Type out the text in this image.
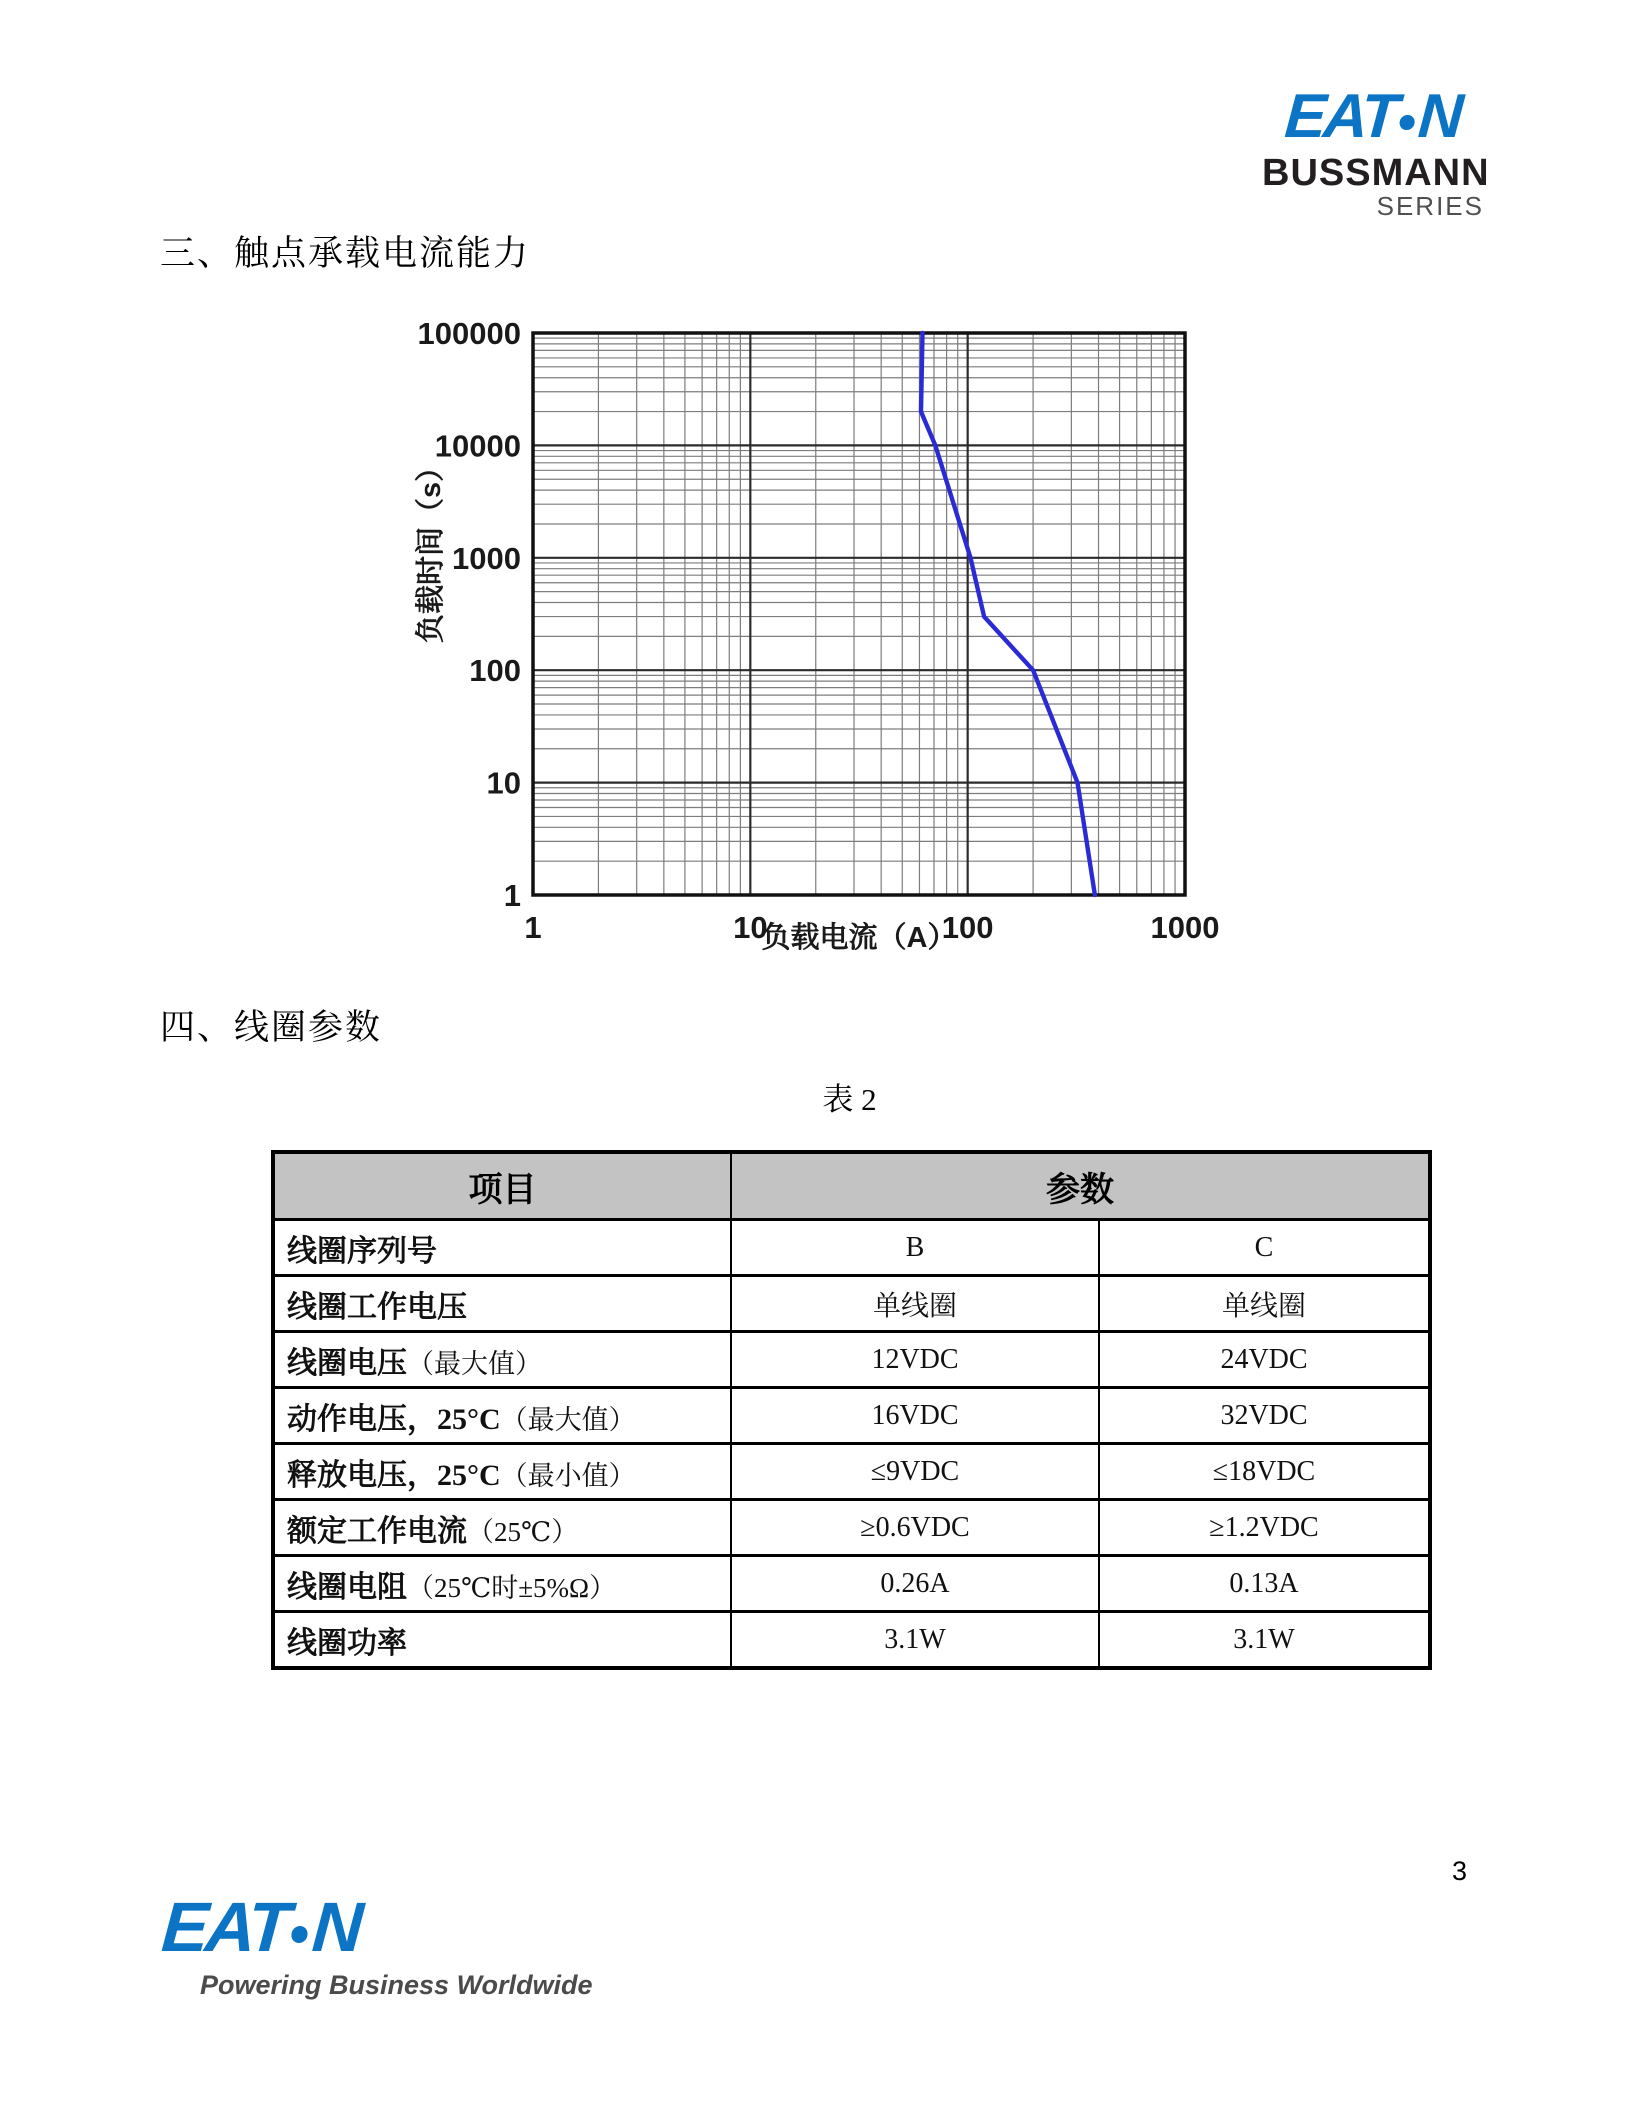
EAT N
BUSSMANN
SERIES
三、触点承载电流能力
1	10	100	1000
1
10
100
1000
10000
100000
负载电流（A）
负载时间（s）
四、线圈参数
表 2
项目	参数	
线圈序列号	B	C
线圈工作电压	单线圈	单线圈
线圈电压（最大值）	12VDC	24VDC
动作电压，25°C（最大值）	16VDC	32VDC
释放电压，25°C（最小值）	≤9VDC	≤18VDC
额定工作电流（25℃）	≥0.6VDC	≥1.2VDC
线圈电阻（25℃时±5%Ω）	0.26A	0.13A
线圈功率	3.1W	3.1W
3
EAT N
Powering Business Worldwide
